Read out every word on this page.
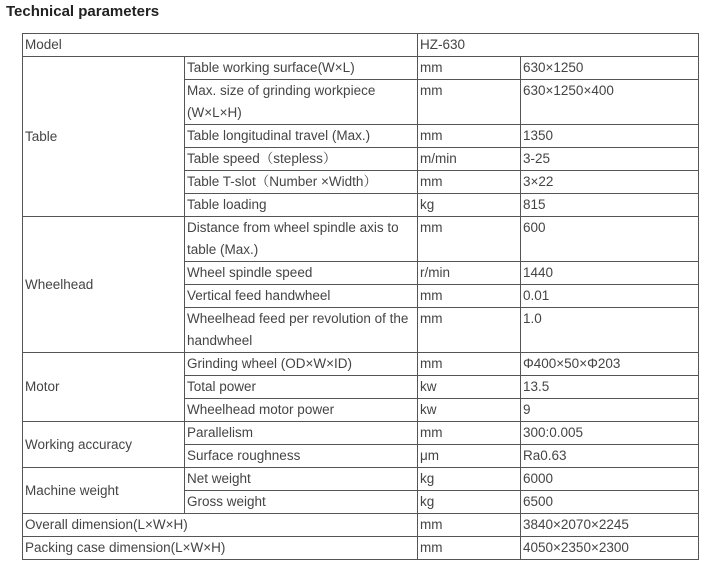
Technical parameters
Model		HZ-630	
Table	Table working surface(W×L)	mm	630×1250
	Max. size of grinding workpiece (W×L×H)	mm	630×1250×400
	Table longitudinal travel (Max.)	mm	1350
	Table speed（stepless）	m/min	3-25
	Table T-slot（Number ×Width）	mm	3×22
	Table loading	kg	815
Wheelhead	Distance from wheel spindle axis to table (Max.)	mm	600
	Wheel spindle speed	r/min	1440
	Vertical feed handwheel	mm	0.01
	Wheelhead feed per revolution of the handwheel	mm	1.0
Motor	Grinding wheel (OD×W×ID)	mm	Φ400×50×Φ203
	Total power	kw	13.5
	Wheelhead motor power	kw	9
Working accuracy	Parallelism	mm	300:0.005
	Surface roughness	μm	Ra0.63
Machine weight	Net weight	kg	6000
	Gross weight	kg	6500
Overall dimension(L×W×H)		mm	3840×2070×2245
Packing case dimension(L×W×H)		mm	4050×2350×2300
